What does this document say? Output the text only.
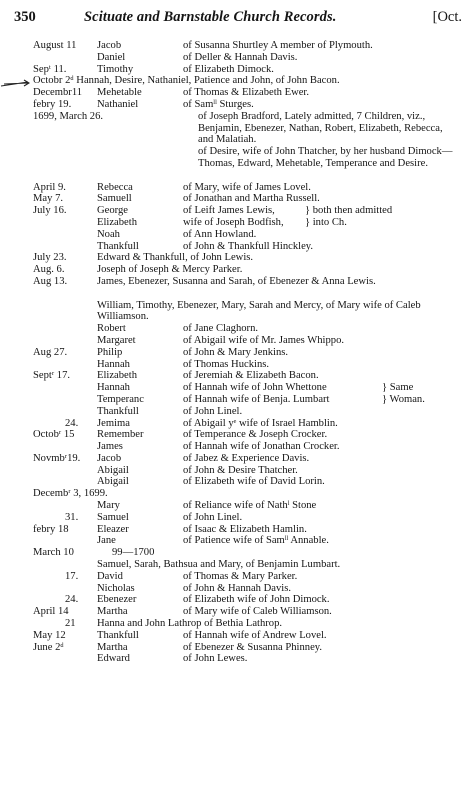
350	Scituate and Barnstable Church Records.	[Oct.
August 11 Jacob	of Susanna Shurtley A member of Plymouth.
Daniel	of Deller & Hannah Davis.
Sepᵗ 11.	Timothy	of Elizabeth Dimock.
Octobr 2ᵈ Hannah, Desire, Nathaniel, Patience and John, of John Bacon.
Decembr11 Mehetable	of Thomas & Elizabeth Ewer.
febry 19. Nathaniel	of Samˡˡ Sturges.
1699, March 26.	of Joseph Bradford, Lately admitted, 7 Children, viz., Benjamin, Ebenezer, Nathan, Robert, Elizabeth, Rebecca, and Malatiah.
of Desire, wife of John Thatcher, by her husband Dimock—Thomas, Edward, Mehetable, Temperance and Desire.
April 9.	Rebecca	of Mary, wife of James Lovel.
May 7.	Samuell	of Jonathan and Martha Russell.
July 16.	George	of Leift James Lewis,	} both then admitted
Elizabeth	wife of Joseph Bodfish, } into Ch.
Noah	of Ann Howland.
Thankfull	of John & Thankfull Hinckley.
July 23.	Edward & Thankfull, of John Lewis.
Aug. 6.	Joseph of Joseph & Mercy Parker.
Aug 13.	James, Ebenezer, Susanna and Sarah, of Ebenezer & Anna Lewis.
William, Timothy, Ebenezer, Mary, Sarah and Mercy, of Mary wife of Caleb Williamson.
Robert	of Jane Claghorn.
Margaret	of Abigail wife of Mr. James Whippo.
Aug 27.	Philip	of John & Mary Jenkins.
Hannah	of Thomas Huckins.
Septʳ 17.	Elizabeth	of Jeremiah & Elizabeth Bacon.
Hannah	of Hannah wife of John Whettone	} Same
Temperanc	of Hannah wife of Benja. Lumbart	} Woman.
Thankfull	of John Linel.
24. Jemima	of Abigail yᵉ wife of Israel Hamblin.
Octobʳ 15 Remember	of Temperance & Joseph Crocker.
James	of Hannah wife of Jonathan Crocker.
Novmbʳ19. Jacob	of Jabez & Experience Davis.
Abigail	of John & Desire Thatcher.
Abigail	of Elizabeth wife of David Lorin.
Decembʳ 3, 1699.
Mary	of Reliance wife of Nathˡ Stone
31. Samuel	of John Linel.
febry 18	Eleazer	of Isaac & Elizabeth Hamlin.
Jane	of Patience wife of Samˡˡ Annable.
March 10	99—1700
Samuel, Sarah, Bathsua and Mary, of Benjamin Lumbart.
17. David	of Thomas & Mary Parker.
Nicholas	of John & Hannah Davis.
24. Ebenezer	of Elizabeth wife of John Dimock.
April 14	Martha	of Mary wife of Caleb Williamson.
21 Hanna and John Lathrop of Bethia Lathrop.
May 12	Thankfull	of Hannah wife of Andrew Lovel.
June 2ᵈ	Martha	of Ebenezer & Susanna Phinney.
Edward	of John Lewes.
